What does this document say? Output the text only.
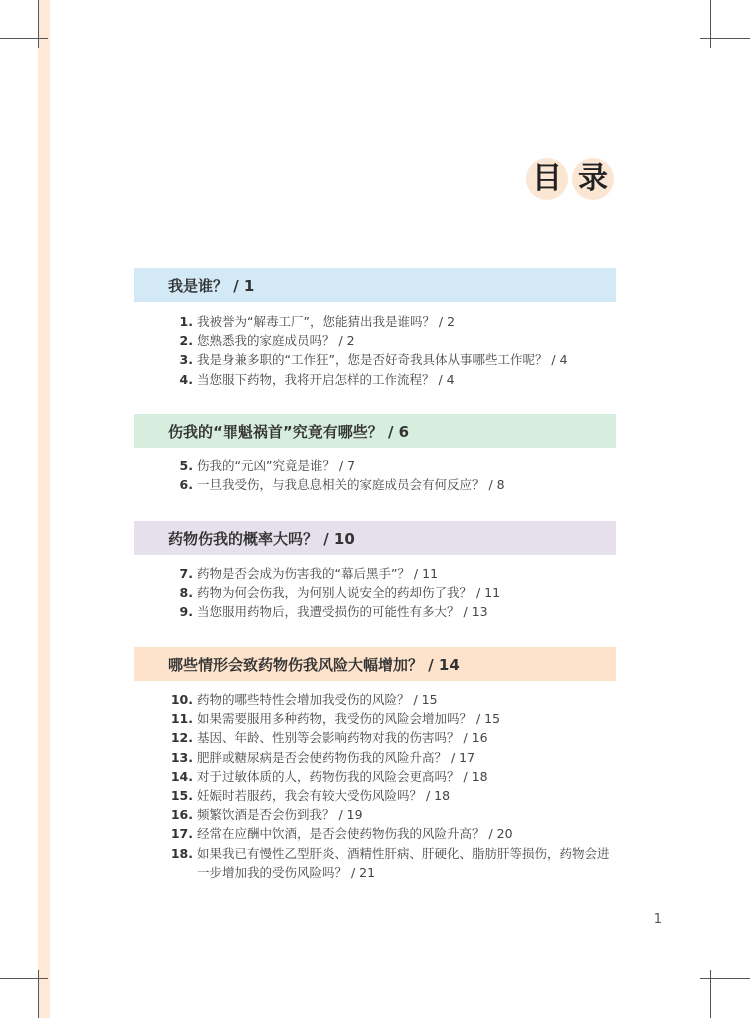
目 录
我是谁？ / 1
1. 我被誉为“解毒工厂”，您能猜出我是谁吗？ / 2
2. 您熟悉我的家庭成员吗？ / 2
3. 我是身兼多职的“工作狂”，您是否好奇我具体从事哪些工作呢？ / 4
4. 当您服下药物，我将开启怎样的工作流程？ / 4
伤我的“罪魁祸首”究竟有哪些？ / 6
5. 伤我的“元凶”究竟是谁？ / 7
6. 一旦我受伤，与我息息相关的家庭成员会有何反应？ / 8
药物伤我的概率大吗？ / 10
7. 药物是否会成为伤害我的“幕后黑手”？ / 11
8. 药物为何会伤我，为何别人说安全的药却伤了我？ / 11
9. 当您服用药物后，我遭受损伤的可能性有多大？ / 13
哪些情形会致药物伤我风险大幅增加？ / 14
10. 药物的哪些特性会增加我受伤的风险？ / 15
11. 如果需要服用多种药物，我受伤的风险会增加吗？ / 15
12. 基因、年龄、性别等会影响药物对我的伤害吗？ / 16
13. 肥胖或糖尿病是否会使药物伤我的风险升高？ / 17
14. 对于过敏体质的人，药物伤我的风险会更高吗？ / 18
15. 妊娠时若服药，我会有较大受伤风险吗？ / 18
16. 频繁饮酒是否会伤到我？ / 19
17. 经常在应酬中饮酒，是否会使药物伤我的风险升高？ / 20
18. 如果我已有慢性乙型肝炎、酒精性肝病、肝硬化、脂肪肝等损伤，药物会进一步增加我的受伤风险吗？ / 21
1
